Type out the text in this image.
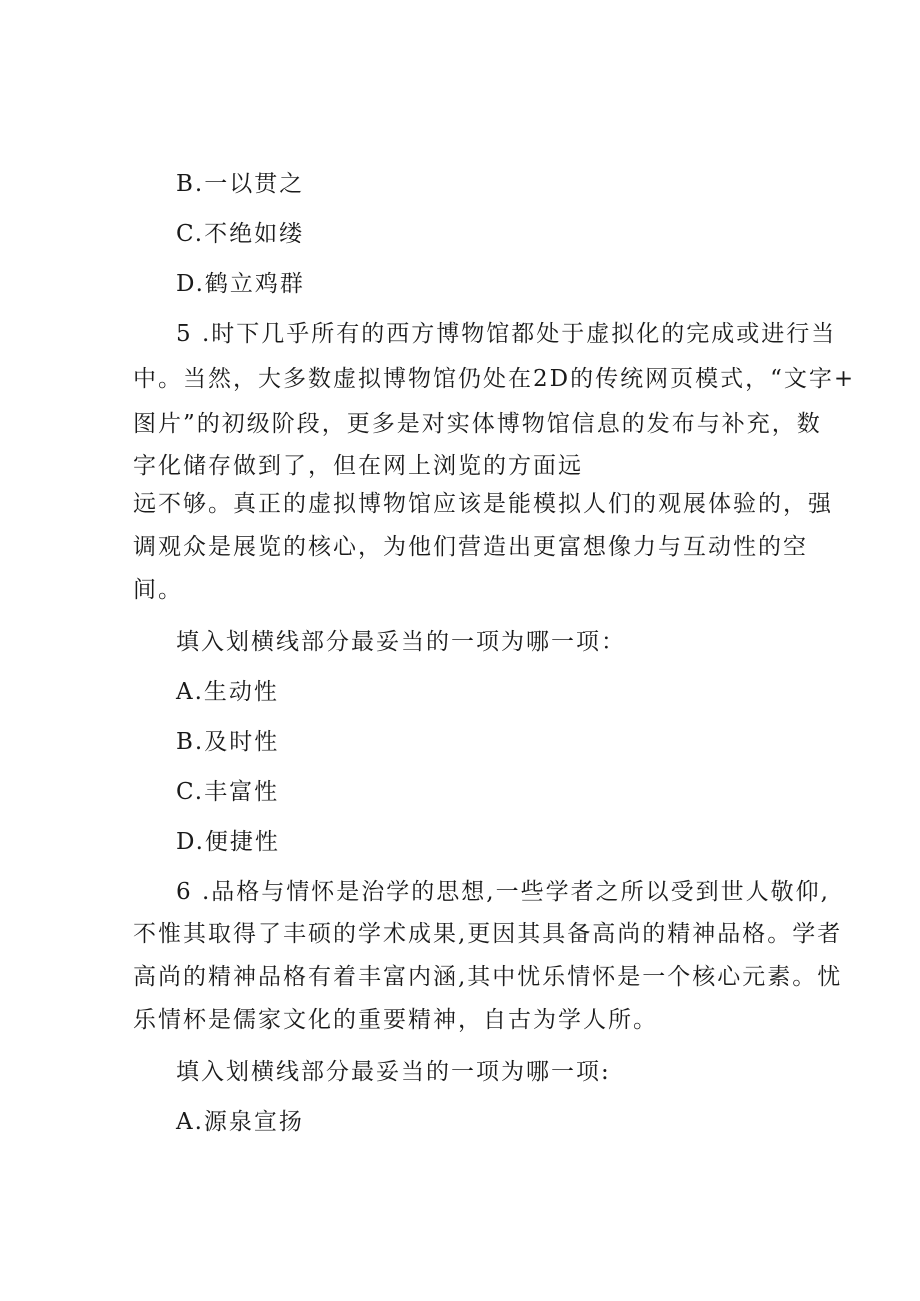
B.一以贯之
C.不绝如缕
D.鹤立鸡群
5 .时下几乎所有的西方博物馆都处于虚拟化的完成或进行当
中。当然，大多数虚拟博物馆仍处在2D的传统网页模式，“文字+
图片”的初级阶段，更多是对实体博物馆信息的发布与补充，数
字化储存做到了，但在网上浏览的方面远
远不够。真正的虚拟博物馆应该是能模拟人们的观展体验的，强
调观众是展览的核心，为他们营造出更富想像力与互动性的空
间。
填入划横线部分最妥当的一项为哪一项：
A.生动性
B.及时性
C.丰富性
D.便捷性
6 .品格与情怀是治学的思想,一些学者之所以受到世人敬仰,
不惟其取得了丰硕的学术成果,更因其具备高尚的精神品格。学者
高尚的精神品格有着丰富内涵,其中忧乐情怀是一个核心元素。忧
乐情杯是儒家文化的重要精神，自古为学人所。
填入划横线部分最妥当的一项为哪一项:
A.源泉宣扬
